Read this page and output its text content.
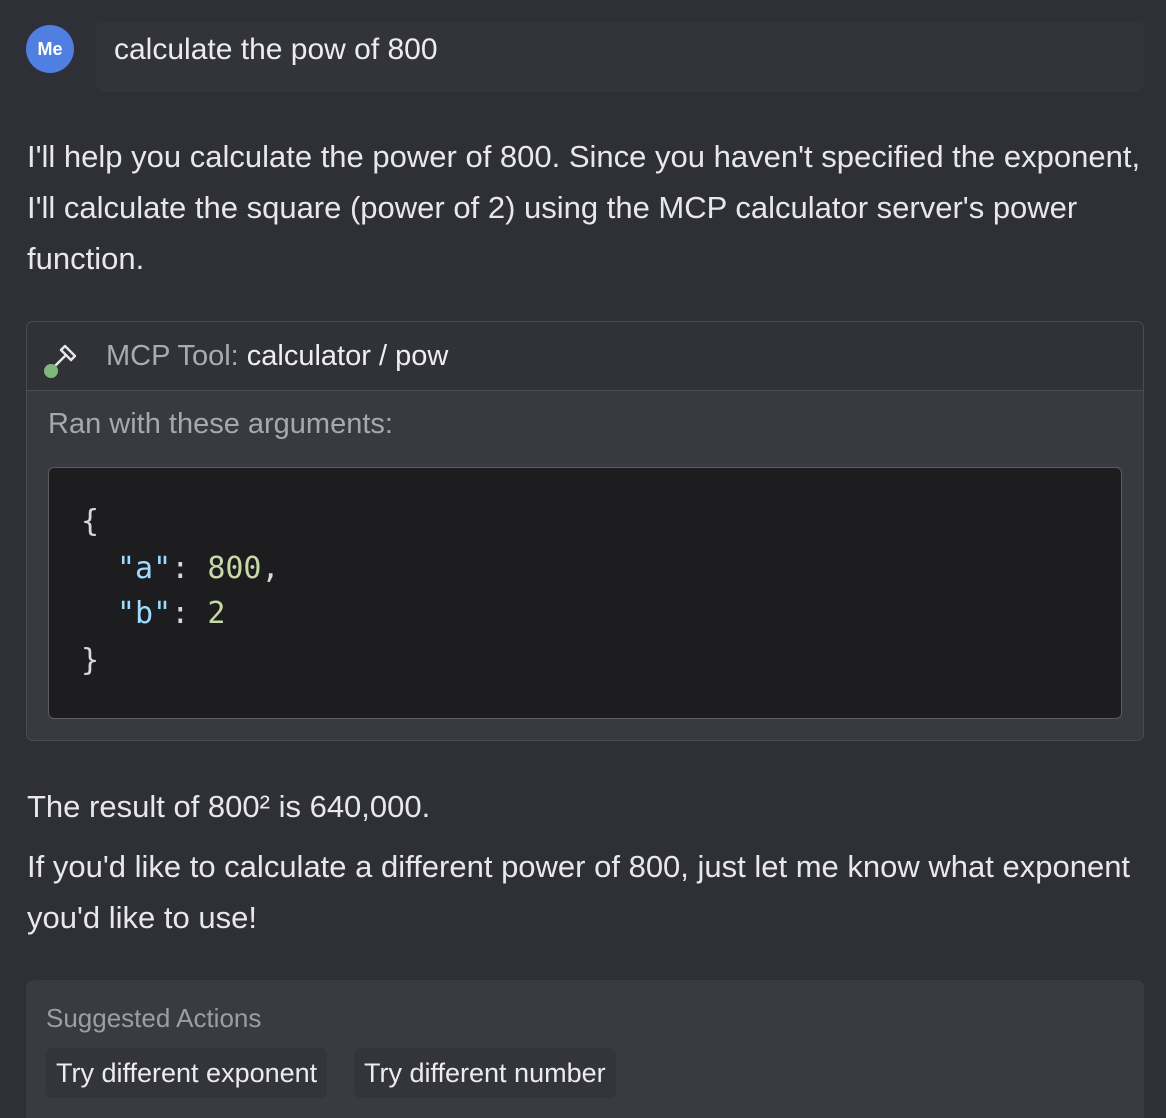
Me calculate the pow of 800

I'll help you calculate the power of 800. Since you haven't specified the exponent, I'll calculate the square (power of 2) using the MCP calculator server's power function.

MCP Tool: calculator / pow
Ran with these arguments:
{
"a": 800,
"b": 2
}

The result of 800² is 640,000.

If you'd like to calculate a different power of 800, just let me know what exponent you'd like to use!

Suggested Actions
Try different exponent	Try different number
